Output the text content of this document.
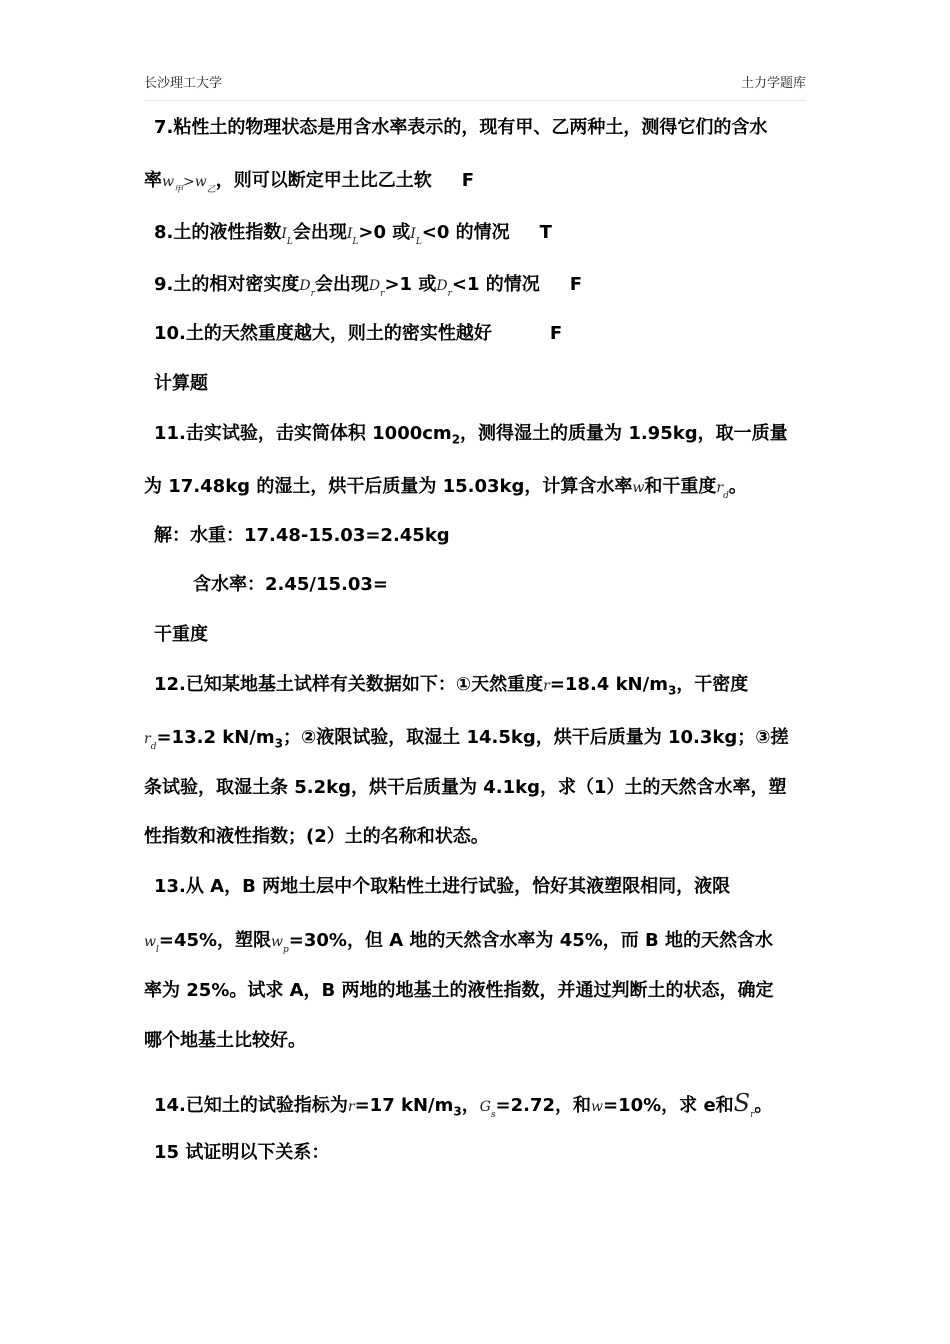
长沙理工大学	土力学题库
7.粘性土的物理状态是用含水率表示的，现有甲、乙两种土，测得它们的含水
率$w_甲>w_乙$，则可以断定甲土比乙土软 F
8.土的液性指数$I_L$会出现$I_L>0$ 或$I_L<0$ 的情况 T
9.土的相对密实度$D_r$会出现$D_r>1$ 或$D_r<1$ 的情况 F
10.土的天然重度越大，则土的密实性越好	F
计算题
11.击实试验，击实筒体积 $1000cm_2$，测得湿土的质量为 1.95kg，取一质量
为 17.48kg 的湿土，烘干后质量为 15.03kg，计算含水率w和干重度$r_d$。
解：水重：17.48-15.03=2.45kg
含水率：2.45/15.03=
干重度
12.已知某地基土试样有关数据如下：①天然重度r=18.4 $kN/m_3$，干密度
$r_d=13.2$ $kN/m_3$；②液限试验，取湿土 14.5kg，烘干后质量为 10.3kg；③搓
条试验，取湿土条 5.2kg，烘干后质量为 4.1kg，求（1）土的天然含水率，塑
性指数和液性指数；(2）土的名称和状态。
13.从 A，B 两地土层中个取粘性土进行试验，恰好其液塑限相同，液限
$w_l=45\%$，塑限$w_p=30\%$，但 A 地的天然含水率为 45%，而 B 地的天然含水
率为 25%。试求 A，B 两地的地基土的液性指数，并通过判断土的状态，确定
哪个地基土比较好。
14.已知土的试验指标为r=17 $kN/m_3$，$G_s=2.72$，和w=10%，求 e和$S_r$。
15 试证明以下关系：
